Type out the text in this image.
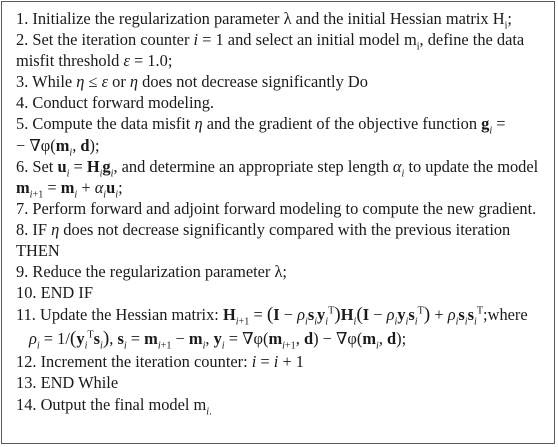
1. Initialize the regularization parameter λ and the initial Hessian matrix $H_i$;
2. Set the iteration counter i = 1 and select an initial model $m_i$, define the data
misfit threshold ε = 1.0;
3. While η ≤ ε or η does not decrease significantly Do
4. Conduct forward modeling.
5. Compute the data misfit η and the gradient of the objective function $g_i$ =
− $\nabla\varphi(m_i$, d);
6. Set $u_i = H_ig_i$, and determine an appropriate step length $\alpha_i$ to update the model
$m_{i+1} = m_i + \alpha_iu_i$;
7. Perform forward and adjoint forward modeling to compute the new gradient.
8. IF η does not decrease significantly compared with the previous iteration
THEN
9. Reduce the regularization parameter λ;
10. END IF
11. Update the Hessian matrix: $H_{i+1} = (I - \rho_is_iy_i^T)H_i(I - \rho_iy_is_i^T)$ + $\rho_is_is_i^T;where$
$\rho_i = 1/(y_i^Ts_i)$, $s_i = m_{i+1} - m_i$, $y_i = \nabla\varphi(m_{i+1}$, $d) - \nabla\varphi(m_i$, d);
12. Increment the iteration counter: i = i + 1
13. END While
14. Output the final model $m_{i.}$
